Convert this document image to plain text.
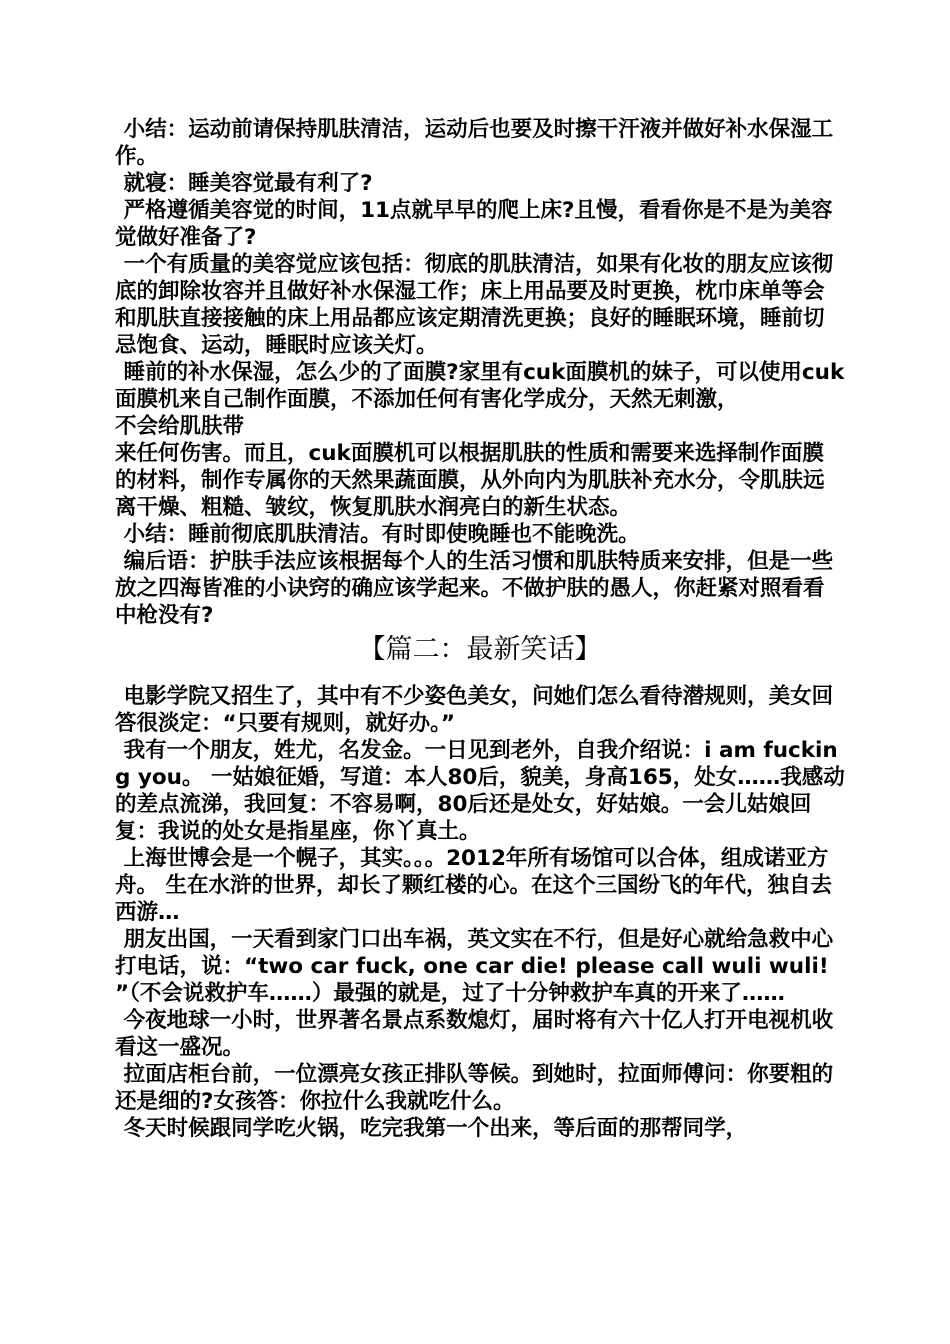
小结：运动前请保持肌肤清洁，运动后也要及时擦干汗液并做好补水保湿工作。

就寝：睡美容觉最有利了?

严格遵循美容觉的时间，11点就早早的爬上床?且慢，看看你是不是为美容觉做好准备了?

一个有质量的美容觉应该包括：彻底的肌肤清洁，如果有化妆的朋友应该彻底的卸除妆容并且做好补水保湿工作；床上用品要及时更换，枕巾床单等会和肌肤直接接触的床上用品都应该定期清洗更换；良好的睡眠环境，睡前切忌饱食、运动，睡眠时应该关灯。

睡前的补水保湿，怎么少的了面膜?家里有cuk面膜机的妹子，可以使用cuk面膜机来自己制作面膜，不添加任何有害化学成分，天然无刺激，

不会给肌肤带

来任何伤害。而且，cuk面膜机可以根据肌肤的性质和需要来选择制作面膜的材料，制作专属你的天然果蔬面膜，从外向内为肌肤补充水分，令肌肤远离干燥、粗糙、皱纹，恢复肌肤水润亮白的新生状态。

小结：睡前彻底肌肤清洁。有时即使晚睡也不能晚洗。

编后语：护肤手法应该根据每个人的生活习惯和肌肤特质来安排，但是一些放之四海皆准的小诀窍的确应该学起来。不做护肤的愚人，你赶紧对照看看中枪没有?

【篇二：最新笑话】

电影学院又招生了，其中有不少姿色美女，问她们怎么看待潜规则，美女回答很淡定：“只要有规则，就好办。”

我有一个朋友，姓尤，名发金。一日见到老外，自我介绍说：i am fucking you。 一姑娘征婚，写道：本人80后，貌美，身高165，处女……我感动的差点流涕，我回复：不容易啊，80后还是处女，好姑娘。一会儿姑娘回复：我说的处女是指星座，你丫真土。

上海世博会是一个幌子，其实。。。2012年所有场馆可以合体，组成诺亚方舟。 生在水浒的世界，却长了颗红楼的心。在这个三国纷飞的年代，独自去西游…

朋友出国，一天看到家门口出车祸，英文实在不行，但是好心就给急救中心打电话，说：“two car fuck, one car die! please call wuli wuli! ”（不会说救护车……）最强的就是，过了十分钟救护车真的开来了……

今夜地球一小时，世界著名景点系数熄灯，届时将有六十亿人打开电视机收看这一盛况。

拉面店柜台前，一位漂亮女孩正排队等候。到她时，拉面师傅问：你要粗的还是细的?女孩答：你拉什么我就吃什么。

冬天时候跟同学吃火锅，吃完我第一个出来，等后面的那帮同学，
